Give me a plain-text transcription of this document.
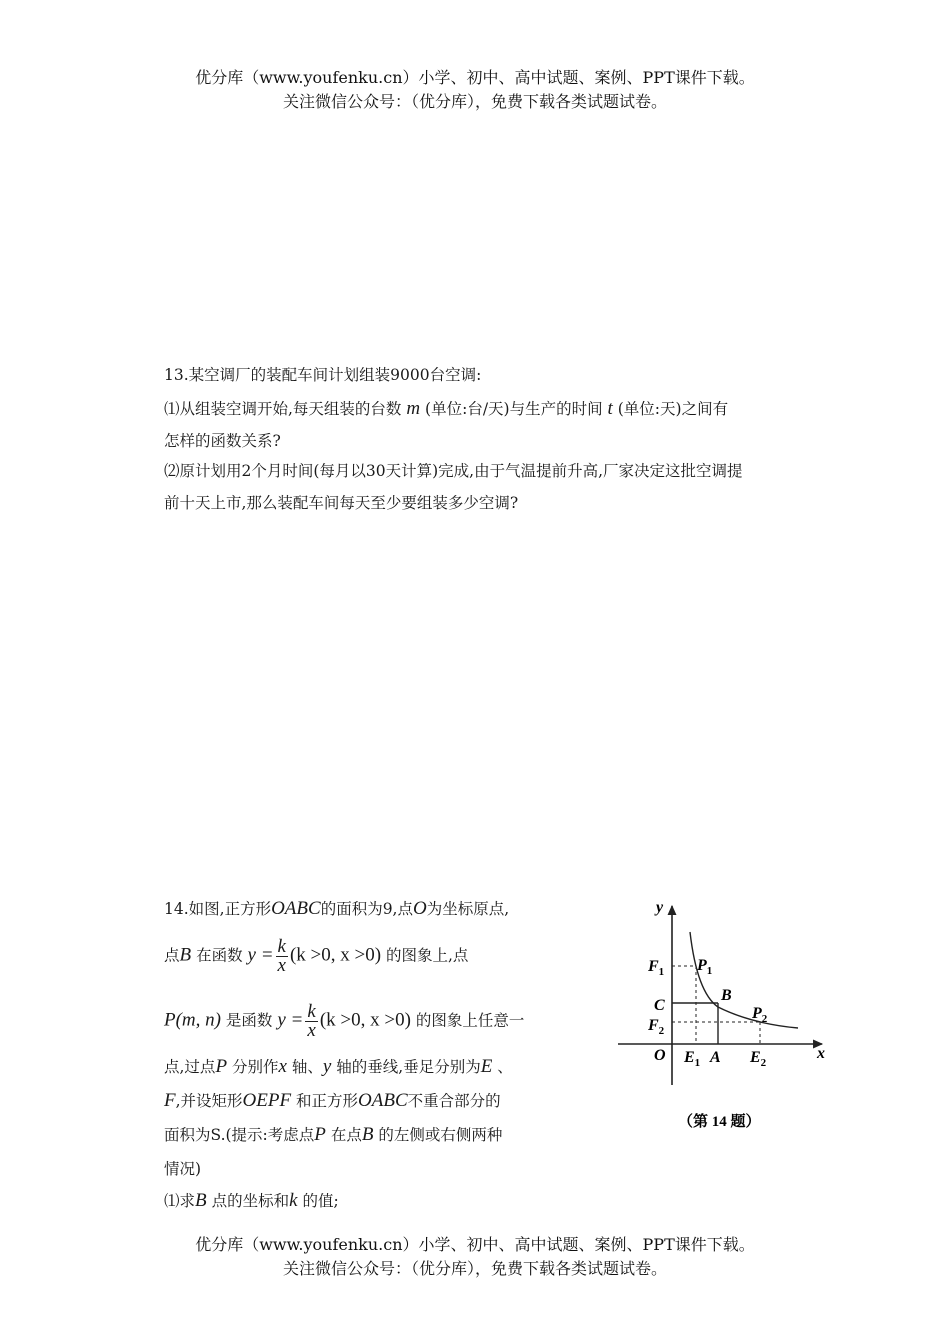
优分库（www.youfenku.cn）小学、初中、高中试题、案例、PPT课件下载。
关注微信公众号：（优分库），免费下载各类试题试卷。
13.某空调厂的装配车间计划组装9000台空调:
⑴从组装空调开始,每天组装的台数 m (单位:台/天)与生产的时间 t (单位:天)之间有
怎样的函数关系?
⑵原计划用2个月时间(每月以30天计算)完成,由于气温提前升高,厂家决定这批空调提
前十天上市,那么装配车间每天至少要组装多少空调?
14.如图,正方形OABC的面积为9,点O为坐标原点,
点B 在函数 $y = \frac{k}{x} (k >0$, x >0) 的图象上,点
P(m, n) 是函数 $y = \frac{k}{x} (k >0$, x >0) 的图象上任意一
点,过点P 分别作x 轴、y 轴的垂线,垂足分别为E 、
F,并设矩形OEPF 和正方形OABC不重合部分的
面积为S.(提示:考虑点P 在点B 的左侧或右侧两种
情况)
⑴求B 点的坐标和k 的值;
y
x
O
$F_1$ $P_1$
C
B
$F_2$
$P_2$
$E_1$ A $E_2$
（第 14 题）
优分库（www.youfenku.cn）小学、初中、高中试题、案例、PPT课件下载。
关注微信公众号：（优分库），免费下载各类试题试卷。
